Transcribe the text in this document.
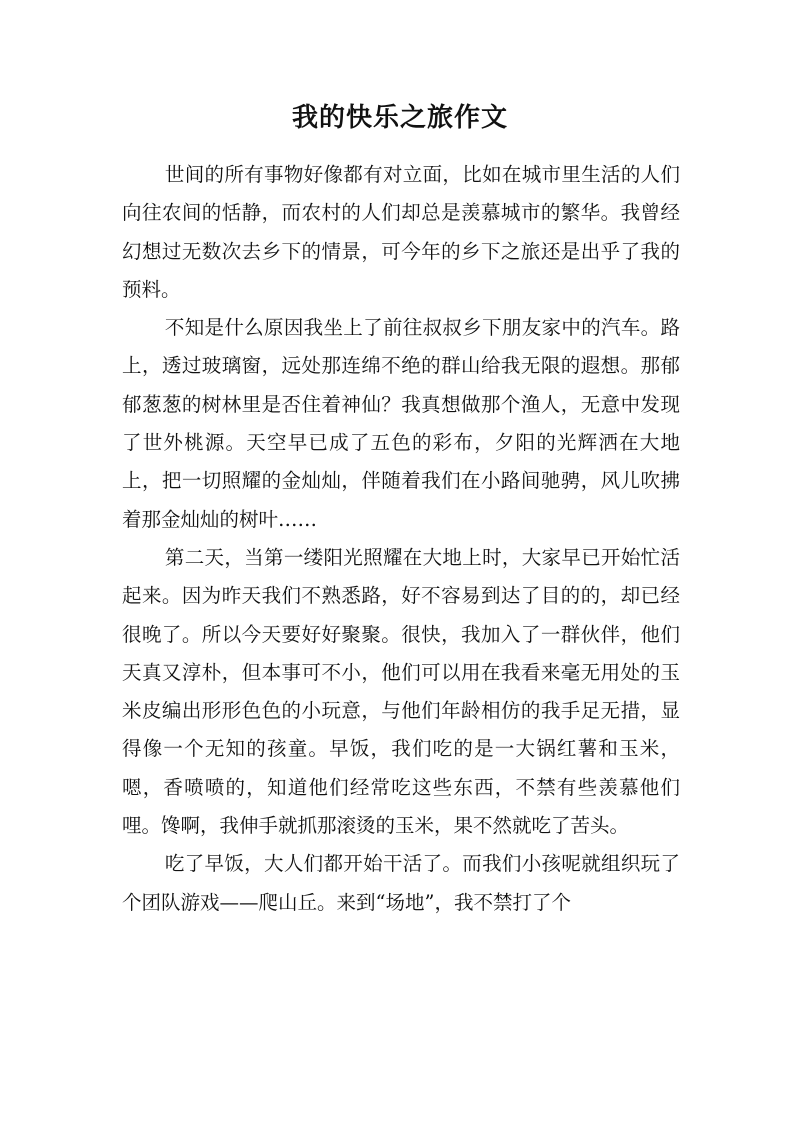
我的快乐之旅作文

世间的所有事物好像都有对立面，比如在城市里生活的人们向往农间的恬静，而农村的人们却总是羡慕城市的繁华。我曾经幻想过无数次去乡下的情景，可今年的乡下之旅还是出乎了我的预料。

不知是什么原因我坐上了前往叔叔乡下朋友家中的汽车。路上，透过玻璃窗，远处那连绵不绝的群山给我无限的遐想。那郁郁葱葱的树林里是否住着神仙？我真想做那个渔人，无意中发现了世外桃源。天空早已成了五色的彩布，夕阳的光辉洒在大地上，把一切照耀的金灿灿，伴随着我们在小路间驰骋，风儿吹拂着那金灿灿的树叶……

第二天，当第一缕阳光照耀在大地上时，大家早已开始忙活起来。因为昨天我们不熟悉路，好不容易到达了目的的，却已经很晚了。所以今天要好好聚聚。很快，我加入了一群伙伴，他们天真又淳朴，但本事可不小，他们可以用在我看来毫无用处的玉米皮编出形形色色的小玩意，与他们年龄相仿的我手足无措，显得像一个无知的孩童。早饭，我们吃的是一大锅红薯和玉米，嗯，香喷喷的，知道他们经常吃这些东西，不禁有些羡慕他们哩。馋啊，我伸手就抓那滚烫的玉米，果不然就吃了苦头。

吃了早饭，大人们都开始干活了。而我们小孩呢就组织玩了个团队游戏——爬山丘。来到“场地”，我不禁打了个
